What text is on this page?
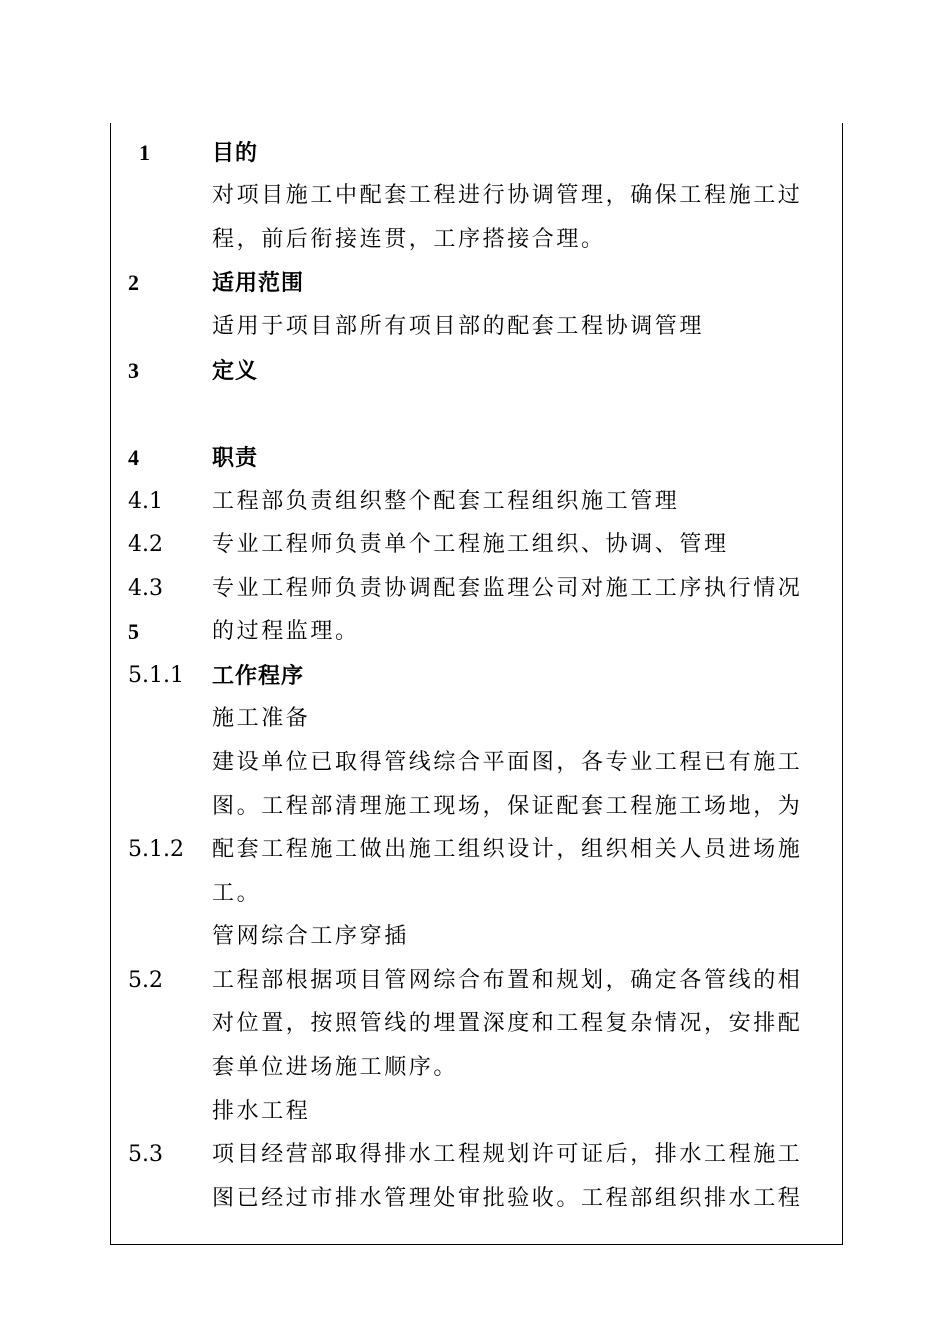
1	目的
对项目施工中配套工程进行协调管理，确保工程施工过
程，前后衔接连贯，工序搭接合理。
2	适用范围
适用于项目部所有项目部的配套工程协调管理
3	定义
4	职责
4.1 工程部负责组织整个配套工程组织施工管理
4.2 专业工程师负责单个工程施工组织、协调、管理
4.3 专业工程师负责协调配套监理公司对施工工序执行情况
5	的过程监理。
5.1.1 工作程序
施工准备
建设单位已取得管线综合平面图，各专业工程已有施工
图。工程部清理施工现场，保证配套工程施工场地，为
5.1.2 配套工程施工做出施工组织设计，组织相关人员进场施
工。
管网综合工序穿插
5.2 工程部根据项目管网综合布置和规划，确定各管线的相
对位置，按照管线的埋置深度和工程复杂情况，安排配
套单位进场施工顺序。
排水工程
5.3 项目经营部取得排水工程规划许可证后，排水工程施工
图已经过市排水管理处审批验收。工程部组织排水工程
